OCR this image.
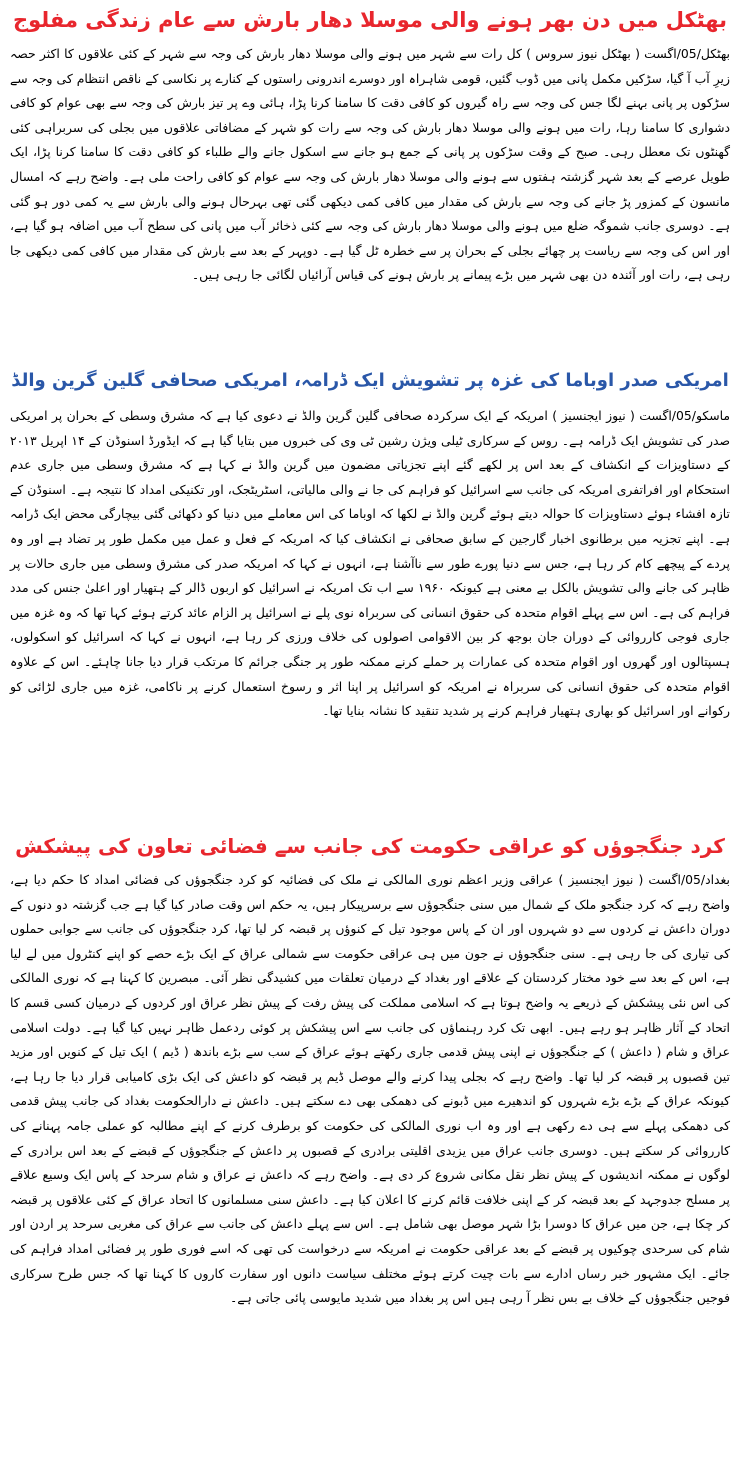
بھٹکل میں دن بھر ہونے والی موسلا دھار بارش سے عام زندگی مفلوج

بھٹکل/05/اگست ( بھٹکل نیوز سروس ) کل رات سے شہر میں ہونے والی موسلا دھار بارش کی وجہ سے شہر کے کئی علاقوں کا اکثر حصہ زیرِ آب آ گیا، سڑکیں مکمل پانی میں ڈوب گئیں، قومی شاہراہ اور دوسرے اندرونی راستوں کے کنارے پر نکاسی کے ناقص انتظام کی وجہ سے سڑکوں پر پانی بہنے لگا جس کی وجہ سے راہ گیروں کو کافی دقت کا سامنا کرنا پڑا، ہائی وے پر تیز بارش کی وجہ سے بھی عوام کو کافی دشواری کا سامنا رہا، رات میں ہونے والی موسلا دھار بارش کی وجہ سے رات کو شہر کے مضافاتی علاقوں میں بجلی کی سربراہی کئی گھنٹوں تک معطل رہی۔ صبح کے وقت سڑکوں پر پانی کے جمع ہو جانے سے اسکول جانے والے طلباء کو کافی دقت کا سامنا کرنا پڑا، ایک طویل عرصے کے بعد شہر گزشتہ ہفتوں سے ہونے والی موسلا دھار بارش کی وجہ سے عوام کو کافی راحت ملی ہے۔ واضح رہے کہ امسال مانسون کے کمزور پڑ جانے کی وجہ سے بارش کی مقدار میں کافی کمی دیکھی گئی تھی بہرحال ہونے والی بارش سے یہ کمی دور ہو گئی ہے۔ دوسری جانب شموگہ ضلع میں ہونے والی موسلا دھار بارش کی وجہ سے کئی ذخائر آب میں پانی کی سطح آب میں اضافہ ہو گیا ہے، اور اس کی وجہ سے ریاست پر چھائے بجلی کے بحران پر سے خطرہ ٹل گیا ہے۔ دوپہر کے بعد سے بارش کی مقدار میں کافی کمی دیکھی جا رہی ہے، رات اور آئندہ دن بھی شہر میں بڑے پیمانے پر بارش ہونے کی قیاس آرائیاں لگائی جا رہی ہیں۔

امریکی صدر اوباما کی غزہ پر تشویش ایک ڈرامہ، امریکی صحافی گلین گرین والڈ

ماسکو/05/اگست ( نیوز ایجنسیز ) امریکہ کے ایک سرکردہ صحافی گلین گرین والڈ نے دعوی کیا ہے کہ مشرق وسطی کے بحران پر امریکی صدر کی تشویش ایک ڈرامہ ہے۔ روس کے سرکاری ٹیلی ویژن رشین ٹی وی کی خبروں میں بتایا گیا ہے کہ ایڈورڈ اسنوڈن کے ۱۴ اپریل ۲۰۱۳ کے دستاویزات کے انکشاف کے بعد اس پر لکھے گئے اپنے تجزیاتی مضمون میں گرین والڈ نے کہا ہے کہ مشرق وسطی میں جاری عدم استحکام اور افراتفری امریکہ کی جانب سے اسرائیل کو فراہم کی جا نے والی مالیاتی، اسٹریٹجک، اور تکنیکی امداد کا نتیجہ ہے۔ اسنوڈن کے تازہ افشاء ہوئے دستاویزات کا حوالہ دیتے ہوئے گرین والڈ نے لکھا کہ اوباما کی اس معاملے میں دنیا کو دکھائی گئی بیچارگی محض ایک ڈرامہ ہے۔ اپنے تجزیہ میں برطانوی اخبار گارجین کے سابق صحافی نے انکشاف کیا کہ امریکہ کے فعل و عمل میں مکمل طور پر تضاد ہے اور وہ پردے کے پیچھے کام کر رہا ہے، جس سے دنیا پورے طور سے ناآشنا ہے، انہوں نے کہا کہ امریکہ صدر کی مشرق وسطی میں جاری حالات پر ظاہر کی جانے والی تشویش بالکل بے معنی ہے کیونکہ ۱۹۶۰ سے اب تک امریکہ نے اسرائیل کو اربوں ڈالر کے ہتھیار اور اعلیٰ جنس کی مدد فراہم کی ہے۔ اس سے پہلے اقوام متحدہ کی حقوق انسانی کی سربراہ نوی پلے نے اسرائیل پر الزام عائد کرتے ہوئے کہا تھا کہ وہ غزہ میں جاری فوجی کارروائی کے دوران جان بوجھ کر بین الاقوامی اصولوں کی خلاف ورزی کر رہا ہے، انہوں نے کہا کہ اسرائیل کو اسکولوں، ہسپتالوں اور گھروں اور اقوام متحدہ کی عمارات پر حملے کرنے ممکنہ طور پر جنگی جرائم کا مرتکب قرار دیا جانا چاہئے۔ اس کے علاوہ اقوام متحدہ کی حقوق انسانی کی سربراہ نے امریکہ کو اسرائیل پر اپنا اثر و رسوخ استعمال کرنے پر ناکامی، غزہ میں جاری لڑائی کو رکوانے اور اسرائیل کو بھاری ہتھیار فراہم کرنے پر شدید تنقید کا نشانہ بنایا تھا۔

کرد جنگجوؤں کو عراقی حکومت کی جانب سے فضائی تعاون کی پیشکش

بغداد/05/اگست ( نیوز ایجنسیز ) عراقی وزیر اعظم نوری المالکی نے ملک کی فضائیہ کو کرد جنگجوؤں کی فضائی امداد کا حکم دیا ہے، واضح رہے کہ کرد جنگجو ملک کے شمال میں سنی جنگجوؤں سے برسرپیکار ہیں، یہ حکم اس وقت صادر کیا گیا ہے جب گزشتہ دو دنوں کے دوران داعش نے کردوں سے دو شہروں اور ان کے پاس موجود تیل کے کنوؤں پر قبضہ کر لیا تھا، کرد جنگجوؤں کی جانب سے جوابی حملوں کی تیاری کی جا رہی ہے۔ سنی جنگجوؤں نے جون میں ہی عراقی حکومت سے شمالی عراق کے ایک بڑے حصے کو اپنے کنٹرول میں لے لیا ہے، اس کے بعد سے خود مختار کردستان کے علاقے اور بغداد کے درمیان تعلقات میں کشیدگی نظر آئی۔ مبصرین کا کہنا ہے کہ نوری المالکی کی اس نئی پیشکش کے ذریعے یہ واضح ہوتا ہے کہ اسلامی مملکت کی پیش رفت کے پیش نظر عراق اور کردوں کے درمیان کسی قسم کا اتحاد کے آثار ظاہر ہو رہے ہیں۔ ابھی تک کرد رہنماؤں کی جانب سے اس پیشکش پر کوئی ردعمل ظاہر نہیں کیا گیا ہے۔ دولت اسلامی عراق و شام ( داعش ) کے جنگجوؤں نے اپنی پیش قدمی جاری رکھتے ہوئے عراق کے سب سے بڑے باندھ ( ڈیم ) ایک تیل کے کنویں اور مزید تین قصبوں پر قبضہ کر لیا تھا۔ واضح رہے کہ بجلی پیدا کرنے والے موصل ڈیم پر قبضہ کو داعش کی ایک بڑی کامیابی قرار دیا جا رہا ہے، کیونکہ عراق کے بڑے بڑے شہروں کو اندھیرے میں ڈبونے کی دھمکی بھی دے سکتے ہیں۔ داعش نے دارالحکومت بغداد کی جانب پیش قدمی کی دھمکی پہلے سے ہی دے رکھی ہے اور وہ اب نوری المالکی کی حکومت کو برطرف کرنے کے اپنے مطالبہ کو عملی جامہ پہنانے کی کارروائی کر سکتے ہیں۔ دوسری جانب عراق میں یزیدی اقلیتی برادری کے قصبوں پر داعش کے جنگجوؤں کے قبضے کے بعد اس برادری کے لوگوں نے ممکنہ اندیشوں کے پیش نظر نقل مکانی شروع کر دی ہے۔ واضح رہے کہ داعش نے عراق و شام سرحد کے پاس ایک وسیع علاقے پر مسلح جدوجہد کے بعد قبضہ کر کے اپنی خلافت قائم کرنے کا اعلان کیا ہے۔ داعش سنی مسلمانوں کا اتحاد عراق کے کئی علاقوں پر قبضہ کر چکا ہے، جن میں عراق کا دوسرا بڑا شہر موصل بھی شامل ہے۔ اس سے پہلے داعش کی جانب سے عراق کی مغربی سرحد پر اردن اور شام کی سرحدی چوکیوں پر قبضے کے بعد عراقی حکومت نے امریکہ سے درخواست کی تھی کہ اسے فوری طور پر فضائی امداد فراہم کی جائے۔ ایک مشہور خبر رساں ادارے سے بات چیت کرتے ہوئے مختلف سیاست دانوں اور سفارت کاروں کا کہنا تھا کہ جس طرح سرکاری فوجیں جنگجوؤں کے خلاف بے بس نظر آ رہی ہیں اس پر بغداد میں شدید مایوسی پائی جاتی ہے۔
